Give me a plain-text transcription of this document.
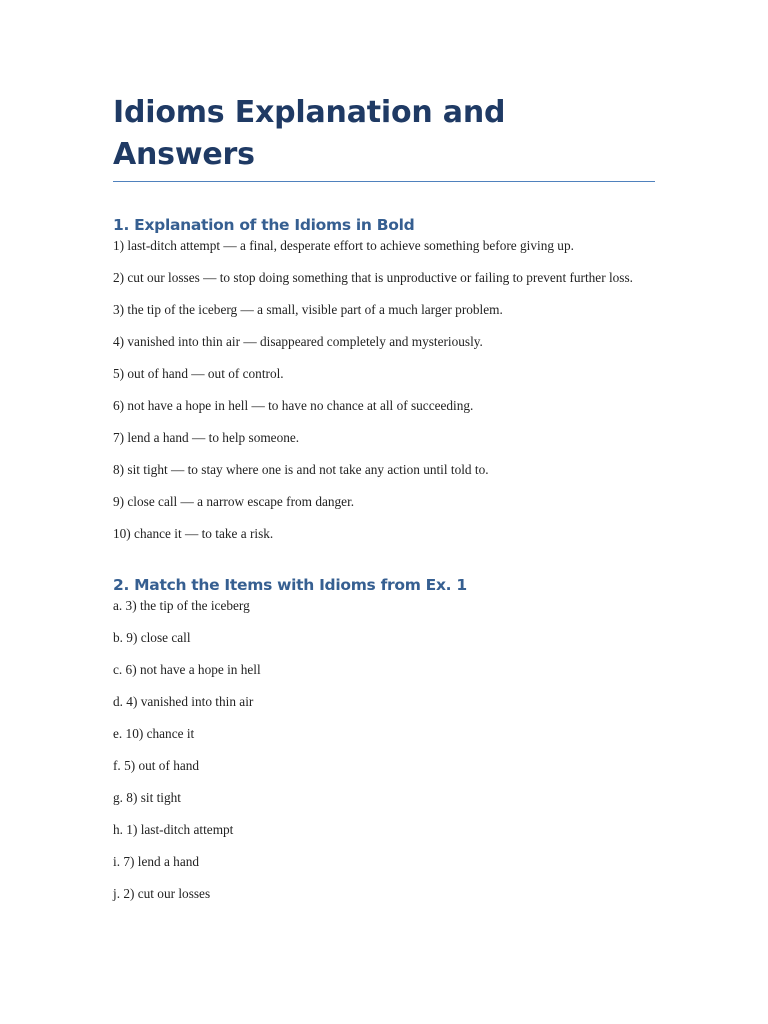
Idioms Explanation and Answers
1. Explanation of the Idioms in Bold

1) last-ditch attempt — a final, desperate effort to achieve something before giving up.

2) cut our losses — to stop doing something that is unproductive or failing to prevent further loss.

3) the tip of the iceberg — a small, visible part of a much larger problem.

4) vanished into thin air — disappeared completely and mysteriously.

5) out of hand — out of control.

6) not have a hope in hell — to have no chance at all of succeeding.

7) lend a hand — to help someone.

8) sit tight — to stay where one is and not take any action until told to.

9) close call — a narrow escape from danger.

10) chance it — to take a risk.

2. Match the Items with Idioms from Ex. 1

a. 3) the tip of the iceberg

b. 9) close call

c. 6) not have a hope in hell

d. 4) vanished into thin air

e. 10) chance it

f. 5) out of hand

g. 8) sit tight

h. 1) last-ditch attempt

i. 7) lend a hand

j. 2) cut our losses
